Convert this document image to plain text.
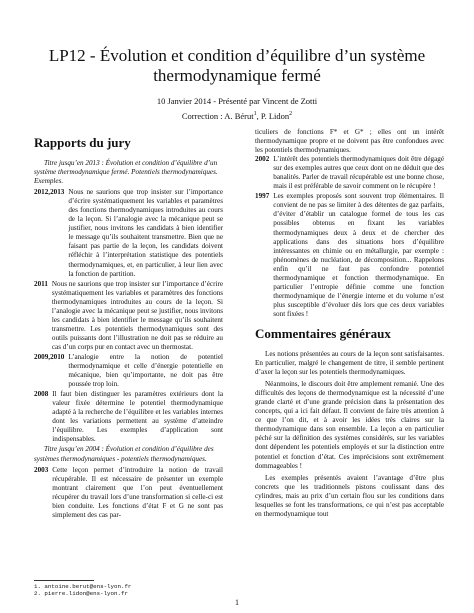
LP12 - Évolution et condition d’équilibre d’un système thermodynamique fermé
10 Janvier 2014 - Présenté par Vincent de Zotti
Correction : A. Bérut$^1$, P. Lidon$^2$
Rapports du jury

Titre jusqu’en 2013 : Évolution et condition d’équilibre d’un système thermodynamique fermé. Potentiels thermodynamiques. Exemples.

2012,2013 Nous ne saurions que trop insister sur l’importance d’écrire systématiquement les variables et paramètres des fonctions thermodynamiques introduites au cours de la leçon. Si l’analogie avec la mécanique peut se justifier, nous invitons les candidats à bien identifier le message qu’ils souhaitent transmettre. Bien que ne faisant pas partie de la leçon, les candidats doivent réfléchir à l’interprétation statistique des potentiels thermodynamiques, et, en particulier, à leur lien avec la fonction de partition.
2011 Nous ne saurions que trop insister sur l’importance d’écrire systématiquement les variables et paramètres des fonctions thermodynamiques introduites au cours de la leçon. Si l’analogie avec la mécanique peut se justifier, nous invitons les candidats à bien identifier le message qu’ils souhaitent transmettre. Les potentiels thermodynamiques sont des outils puissants dont l’illustration ne doit pas se réduire au cas d’un corps pur en contact avec un thermostat.
2009,2010 L’analogie entre la notion de potentiel thermodynamique et celle d’énergie potentielle en mécanique, bien qu’importante, ne doit pas être poussée trop loin.
2008 Il faut bien distinguer les paramètres extérieurs dont la valeur fixée détermine le potentiel thermodynamique adapté à la recherche de l’équilibre et les variables internes dont les variations permettent au système d’atteindre l’équilibre. Les exemples d’application sont indispensables.

Titre jusqu’en 2004 : Évolution et condition d’équilibre des systèmes thermodynamiques - potentiels thermodynamiques.

2003 Cette leçon permet d’introduire la notion de travail récupérable. Il est nécessaire de présenter un exemple montrant clairement que l’on peut éventuellement récupérer du travail lors d’une transformation si celle-ci est bien conduite. Les fonctions d’état F et G ne sont pas simplement des cas par-

ticuliers de fonctions F* et G* ; elles ont un intérêt thermodynamique propre et ne doivent pas être confondues avec les potentiels thermodynamiques.

2002 L’intérêt des potentiels thermodynamiques doit être dégagé sur des exemples autres que ceux dont on ne déduit que des banalités. Parler de travail récupérable est une bonne chose, mais il est préférable de savoir comment on le récupère !
1997 Les exemples proposés sont souvent trop élémentaires. Il convient de ne pas se limiter à des détentes de gaz parfaits, d’éviter d’établir un catalogue formel de tous les cas possibles obtenus en fixant les variables thermodynamiques deux à deux et de chercher des applications dans des situations hors d’équilibre intéressantes en chimie ou en métallurgie, par exemple : phénomènes de nucléation, de décomposition... Rappelons enfin qu’il ne faut pas confondre potentiel thermodynamique et fonction thermodynamique. En particulier l’entropie définie comme une fonction thermodynamique de l’énergie interne et du volume n’est plus susceptible d’évoluer dès lors que ces deux variables sont fixées !
Commentaires généraux

Les notions présentées au cours de la leçon sont satisfaisantes. En particulier, malgré le changement de titre, il semble pertinent d’axer la leçon sur les potentiels thermodynamiques.

Néanmoins, le discours doit être amplement remanié. Une des difficultés des leçons de thermodynamique est la nécessité d’une grande clarté et d’une grande précision dans la présentation des concepts, qui a ici fait défaut. Il convient de faire très attention à ce que l’on dit, et à avoir les idées très claires sur la thermodynamique dans son ensemble. La leçon a en particulier péché sur la définition des systèmes considérés, sur les variables dont dépendent les potentiels employés et sur la distinction entre potentiel et fonction d’état. Ces imprécisions sont extrêmement dommageables !

Les exemples présentés avaient l’avantage d’être plus concrets que les traditionnels pistons coulissant dans des cylindres, mais au prix d’un certain flou sur les conditions dans lesquelles se font les transformations, ce qui n’est pas acceptable en thermodynamique tout

1. antoine.berut@ens-lyon.fr
2. pierre.lidon@ens-lyon.fr
1
